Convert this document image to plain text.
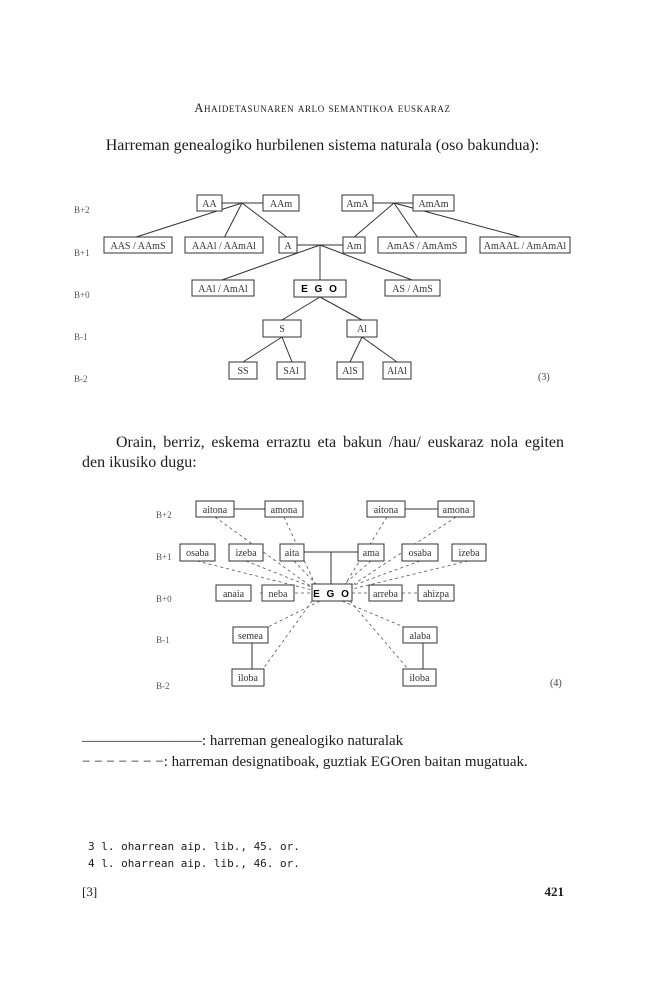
Ahaidetasunaren arlo semantikoa euskaraz
Harreman genealogiko hurbilenen sistema naturala (oso bakundua):
B+2
B+1
B+0
B-1
B-2
AA	AAm	AmA	AmAm
AAS / AAmS	AAAl / AAmAl	A	Am	AmAS / AmAmS	AmAAL / AmAmAl
AAl / AmAl	E G O	AS / AmS
S	Al
SS	SAl	AlS	AlAl
(3)
Orain, berriz, eskema erraztu eta bakun /hau/ euskaraz nola egiten den ikusiko dugu:
B+2
B+1
B+0
B-1
B-2
aitona	amona	aitona	amona
osaba	izeba	aita	ama	osaba	izeba
anaia neba	E G O arreba ahizpa
semea	alaba
iloba	iloba	(4)
————————: harreman genealogiko naturalak
− − − − − − −: harreman designatiboak, guztiak EGOren baitan mugatuak.
3 l. oharrean aip. lib., 45. or.
4 l. oharrean aip. lib., 46. or.
[3]	421
